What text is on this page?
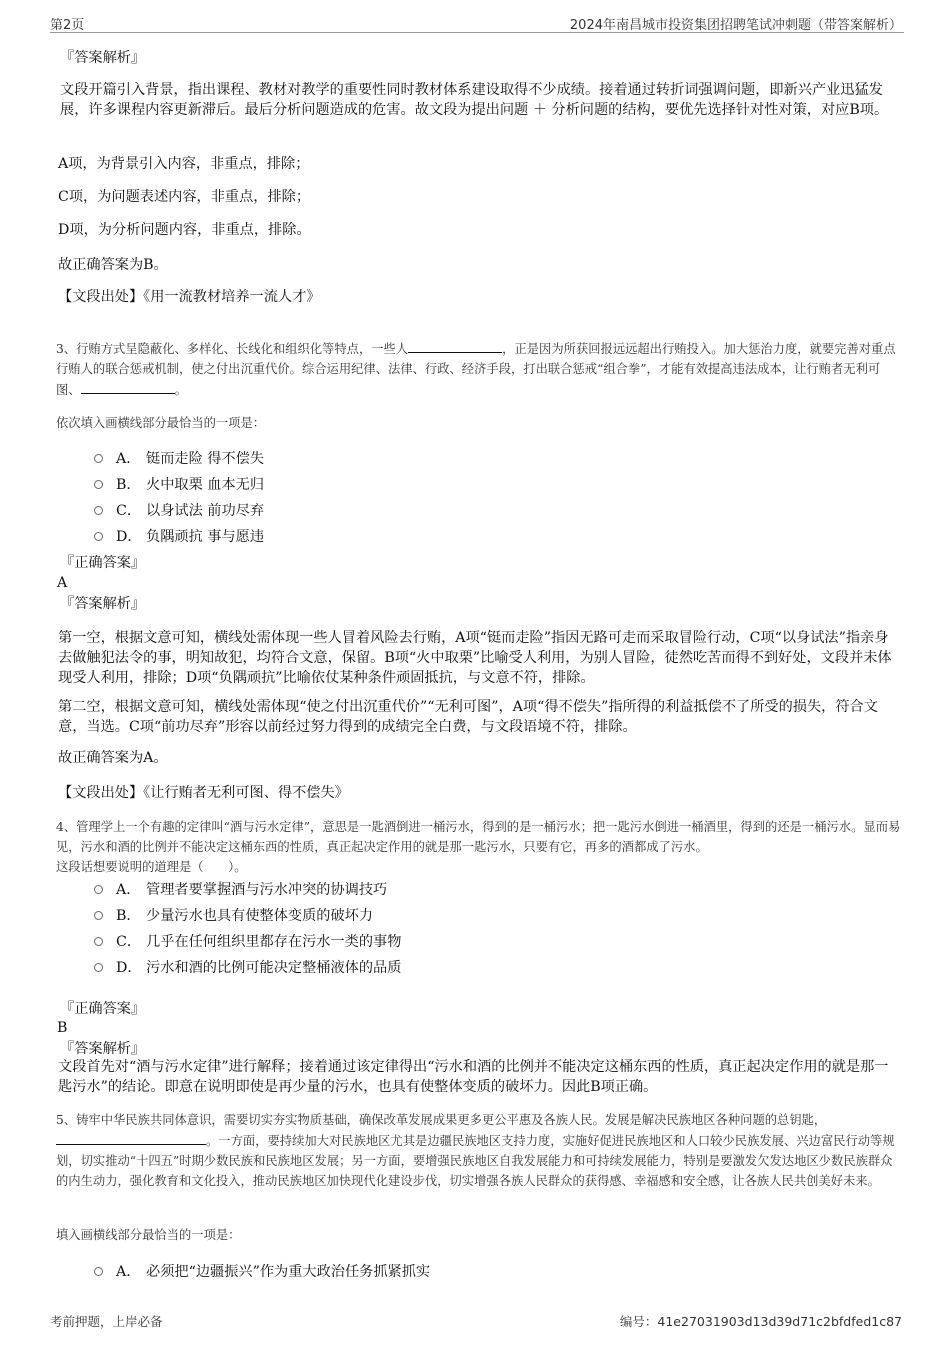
第2页	2024年南昌城市投资集团招聘笔试冲刺题（带答案解析）

『答案解析』

文段开篇引入背景，指出课程、教材对教学的重要性同时教材体系建设取得不少成绩。接着通过转折词强调问题，即新兴产业迅猛发展，许多课程内容更新滞后。最后分析问题造成的危害。故文段为提出问题 ＋ 分析问题的结构，要优先选择针对性对策，对应B项。

A项，为背景引入内容，非重点，排除；

C项，为问题表述内容，非重点，排除；

D项，为分析问题内容，非重点，排除。

故正确答案为B。

【文段出处】《用一流教材培养一流人才》

3、行贿方式呈隐蔽化、多样化、长线化和组织化等特点，一些人	，正是因为所获回报远远超出行贿投入。加大惩治力度，就要完善对重点行贿人的联合惩戒机制，使之付出沉重代价。综合运用纪律、法律、行政、经济手段，打出联合惩戒“组合拳”，才能有效提高违法成本，让行贿者无利可图、	。

依次填入画横线部分最恰当的一项是：

A． 铤而走险 得不偿失
B． 火中取栗 血本无归
C． 以身试法 前功尽弃
D． 负隅顽抗 事与愿违

『正确答案』

A

『答案解析』

第一空，根据文意可知，横线处需体现一些人冒着风险去行贿，A项“铤而走险”指因无路可走而采取冒险行动，C项“以身试法”指亲身去做触犯法令的事，明知故犯，均符合文意，保留。B项“火中取栗”比喻受人利用，为别人冒险，徒然吃苦而得不到好处，文段并未体现受人利用，排除；D项“负隅顽抗”比喻依仗某种条件顽固抵抗，与文意不符，排除。

第二空，根据文意可知，横线处需体现“使之付出沉重代价”“无利可图”，A项“得不偿失”指所得的利益抵偿不了所受的损失，符合文意，当选。C项“前功尽弃”形容以前经过努力得到的成绩完全白费，与文段语境不符，排除。

故正确答案为A。

【文段出处】《让行贿者无利可图、得不偿失》

4、管理学上一个有趣的定律叫“酒与污水定律”，意思是一匙酒倒进一桶污水，得到的是一桶污水；把一匙污水倒进一桶酒里，得到的还是一桶污水。显而易见，污水和酒的比例并不能决定这桶东西的性质，真正起决定作用的就是那一匙污水，只要有它，再多的酒都成了污水。

这段话想要说明的道理是（　　）。

A． 管理者要掌握酒与污水冲突的协调技巧
B． 少量污水也具有使整体变质的破坏力
C． 几乎在任何组织里都存在污水一类的事物
D． 污水和酒的比例可能决定整桶液体的品质

『正确答案』

B

『答案解析』

文段首先对“酒与污水定律”进行解释；接着通过该定律得出“污水和酒的比例并不能决定这桶东西的性质，真正起决定作用的就是那一匙污水”的结论。即意在说明即使是再少量的污水，也具有使整体变质的破坏力。因此B项正确。

5、铸牢中华民族共同体意识，需要切实夯实物质基础，确保改革发展成果更多更公平惠及各族人民。发展是解决民族地区各种问题的总钥匙，。一方面，要持续加大对民族地区尤其是边疆民族地区支持力度，实施好促进民族地区和人口较少民族发展、兴边富民行动等规划，切实推动“十四五”时期少数民族和民族地区发展；另一方面，要增强民族地区自我发展能力和可持续发展能力，特别是要激发欠发达地区少数民族群众的内生动力，强化教育和文化投入，推动民族地区加快现代化建设步伐，切实增强各族人民群众的获得感、幸福感和安全感，让各族人民共创美好未来。

填入画横线部分最恰当的一项是：

A． 必须把“边疆振兴”作为重大政治任务抓紧抓实
考前押题，上岸必备	编号：41e27031903d13d39d71c2bfdfed1c87
